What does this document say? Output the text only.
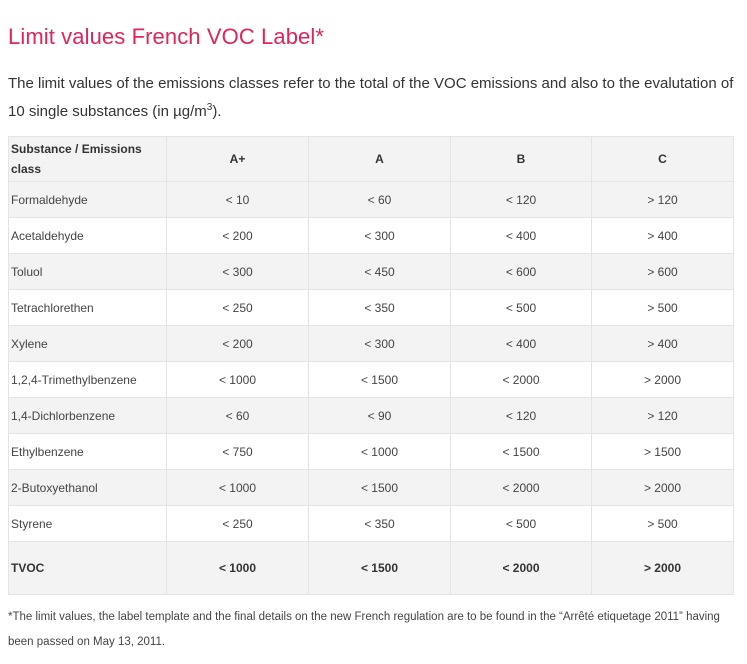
Limit values French VOC Label*

The limit values of the emissions classes refer to the total of the VOC emissions and also to the evalutation of 10 single substances (in $\mu g/m^3$).

Substance / Emissions class	A+	A	B	C
Formaldehyde	< 10	< 60	< 120	> 120
Acetaldehyde	< 200	< 300	< 400	> 400
Toluol	< 300	< 450	< 600	> 600
Tetrachlorethen	< 250	< 350	< 500	> 500
Xylene	< 200	< 300	< 400	> 400
1,2,4-Trimethylbenzene	< 1000	< 1500	< 2000	> 2000
1,4-Dichlorbenzene	< 60	< 90	< 120	> 120
Ethylbenzene	< 750	< 1000	< 1500	> 1500
2-Butoxyethanol	< 1000	< 1500	< 2000	> 2000
Styrene	< 250	< 350	< 500	> 500
TVOC	< 1000	< 1500	< 2000	> 2000

*The limit values, the label template and the final details on the new French regulation are to be found in the “Arrêté etiquetage 2011” having been passed on May 13, 2011.
